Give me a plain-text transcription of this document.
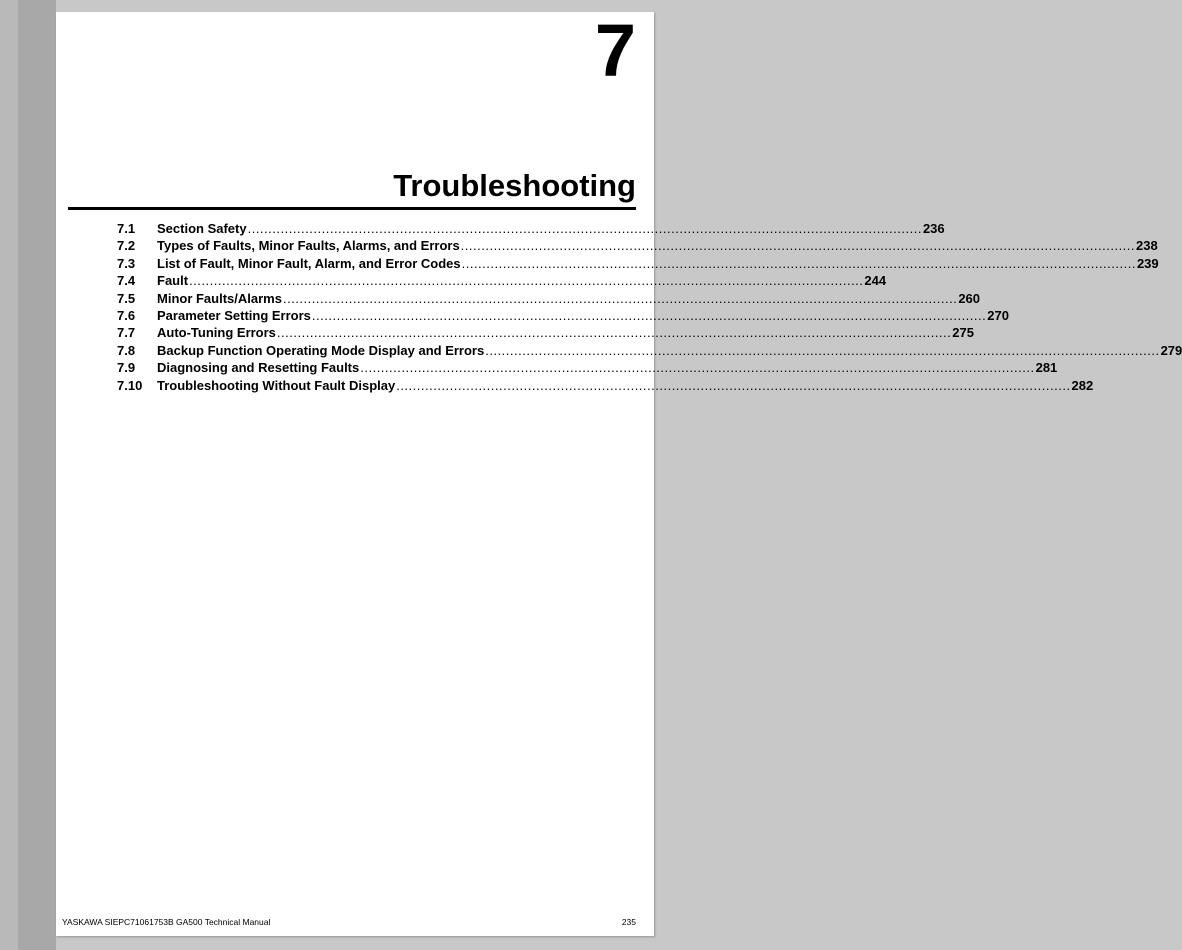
7
Troubleshooting
7.1	Section Safety .................................................................................................................................................................... 236
7.2	Types of Faults, Minor Faults, Alarms, and Errors .................................................................................................................................................................... 238
7.3	List of Fault, Minor Fault, Alarm, and Error Codes .................................................................................................................................................................... 239
7.4	Fault .................................................................................................................................................................... 244
7.5	Minor Faults/Alarms .................................................................................................................................................................... 260
7.6	Parameter Setting Errors .................................................................................................................................................................... 270
7.7	Auto-Tuning Errors .................................................................................................................................................................... 275
7.8	Backup Function Operating Mode Display and Errors .................................................................................................................................................................... 279
7.9	Diagnosing and Resetting Faults .................................................................................................................................................................... 281
7.10	Troubleshooting Without Fault Display .................................................................................................................................................................... 282
YASKAWA SIEPC71061753B GA500 Technical Manual	235
